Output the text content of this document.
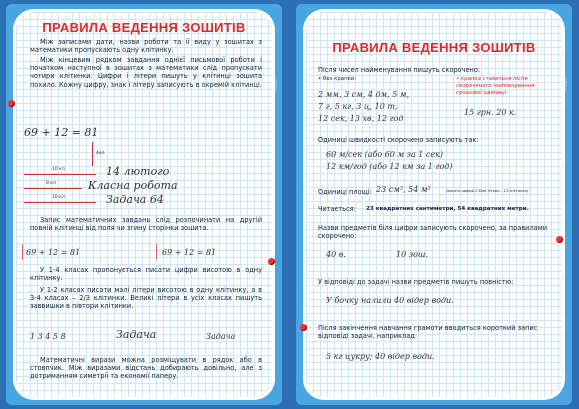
ПРАВИЛА ВЕДЕННЯ ЗОШИТІВ
Між записами дати, назви роботи та її виду у зошитах з математики пропускають одну клітинку.
Між кінцевим рядком завдання однієї письмової роботи і початком наступної в зошитах з математики слід пропускати чотири клітинки. Цифри і літери пишуть у клітинці зошита похило. Кожну цифру, знак і літеру записують в окремій клітинці.
69 + 12 = 81
4кл
10 кл	14 лютого
8 кл	Класна робота
10 кл	Задача 64
Запис математичних завдань слід розпочинати на другій повній клітинці від поля чи згину сторінки зошита.
69 + 12 = 81	69 + 12 = 81
У 1-4 класах пропонується писати цифри висотою в одну клітинку.
У 1-2 класах писати малі літери висотою в одну клітинку, а в 3-4 класах – 2/3 клітинки. Великі літери в усіх класах пишуть заввишки в півтори клітинки.
1 3 4 5 8	Задача	Задача
Математичні вирази можна розміщувати в рядок або в стовпчик. Між виразами відстань добирають довільно, але з дотриманням симетрії та економії паперу.
ПРАВИЛА ВЕДЕННЯ ЗОШИТІВ
Після чисел найменування пишуть скорочено:
• без крапки:	• крапка ставиться після скороченого найменування грошової одиниці:
2 мм, 3 см, 4 дм, 5 м,
7 г, 5 кг, 3 ц, 10 т,
12 сек, 13 хв, 12 год
15 грн. 20 к.
Одиниці швидкості скорочено записують так:
60 м/сек (або 60 м за 1 сек)
12 км/год (або 12 км за 1 год)
Одиниці площі: 23 см², 54 м²	(висота цифри 2 біля літери - 1/2 клітинки).
Читається: 23 квадратних сантиметри, 54 квадратних метри.
Назви предметів біля цифри записують скорочено, за правилами скорочено:
40 в.	10 зош.
У відповіді до задачі назви предметів пишуть повністю:
У бочку налили 40 відер води.
Після закінчення навчання грамоти вводиться короткий запис відповіді задачі, наприклад:
5 кг цукру; 40 відер води.
